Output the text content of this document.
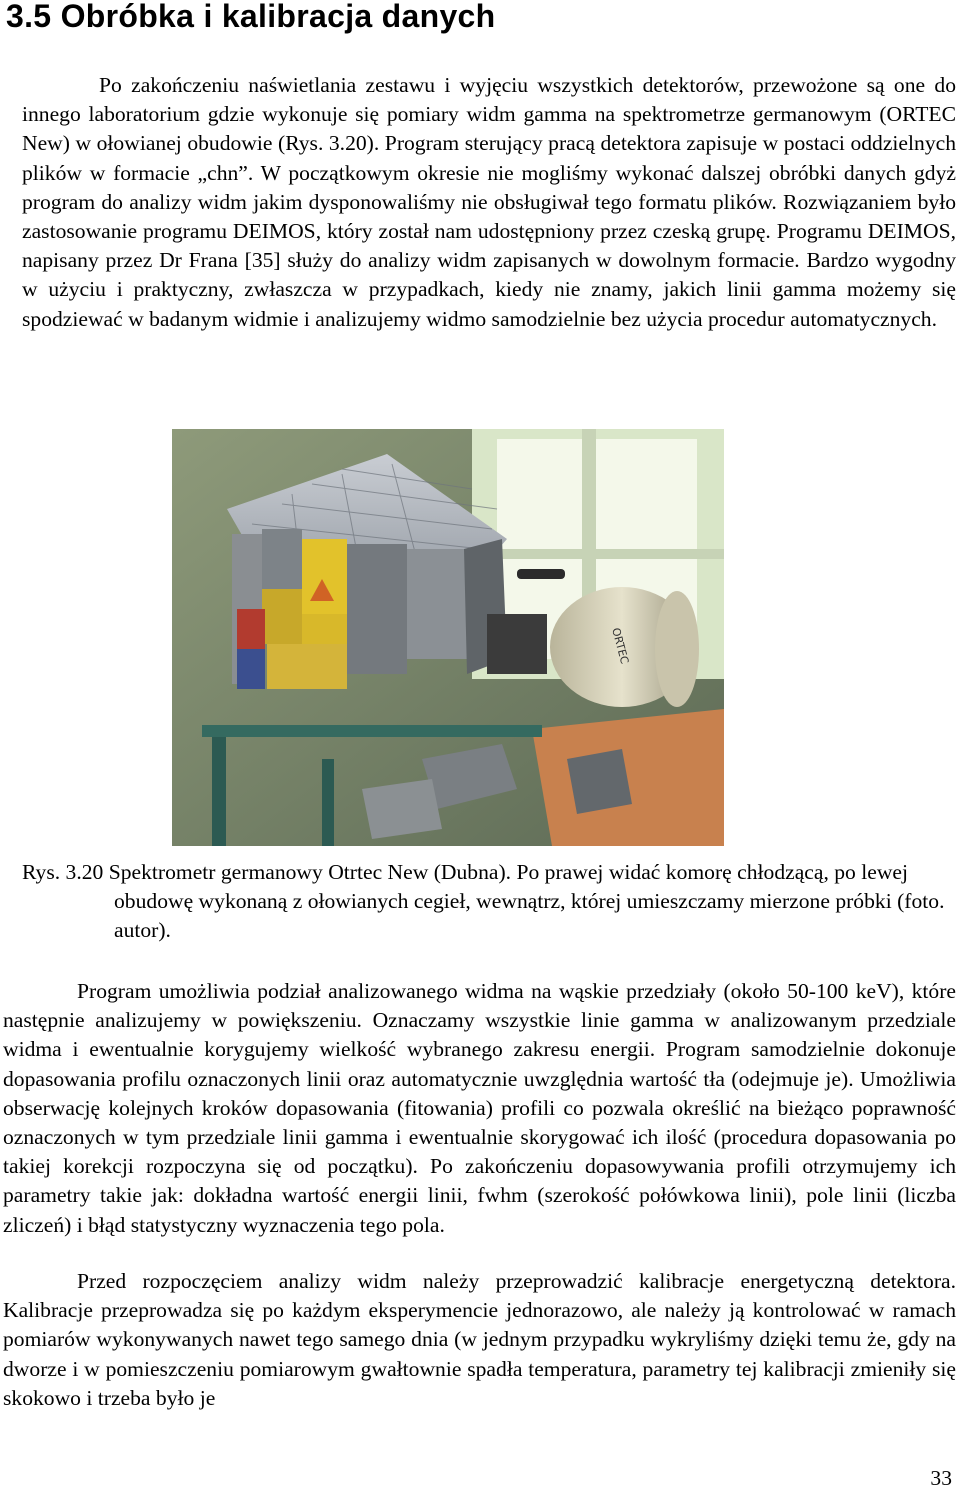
3.5 Obróbka i kalibracja danych

Po zakończeniu naświetlania zestawu i wyjęciu wszystkich detektorów, przewożone są one do innego laboratorium gdzie wykonuje się pomiary widm gamma na spektrometrze germanowym (ORTEC New) w ołowianej obudowie (Rys. 3.20). Program sterujący pracą detektora zapisuje w postaci oddzielnych plików w formacie „chn”. W początkowym okresie nie mogliśmy wykonać dalszej obróbki danych gdyż program do analizy widm jakim dysponowaliśmy nie obsługiwał tego formatu plików. Rozwiązaniem było zastosowanie programu DEIMOS, który został nam udostępniony przez czeską grupę. Programu DEIMOS, napisany przez Dr Frana [35] służy do analizy widm zapisanych w dowolnym formacie. Bardzo wygodny w użyciu i praktyczny, zwłaszcza w przypadkach, kiedy nie znamy, jakich linii gamma możemy się spodziewać w badanym widmie i analizujemy widmo samodzielnie bez użycia procedur automatycznych.

ORTEC

Rys. 3.20 Spektrometr germanowy Otrtec New (Dubna). Po prawej widać komorę chłodzącą, po lewej obudowę wykonaną z ołowianych cegieł, wewnątrz, której umieszczamy mierzone próbki (foto. autor).

Program umożliwia podział analizowanego widma na wąskie przedziały (około 50-100 keV), które następnie analizujemy w powiększeniu. Oznaczamy wszystkie linie gamma w analizowanym przedziale widma i ewentualnie korygujemy wielkość wybranego zakresu energii. Program samodzielnie dokonuje dopasowania profilu oznaczonych linii oraz automatycznie uwzględnia wartość tła (odejmuje je). Umożliwia obserwację kolejnych kroków dopasowania (fitowania) profili co pozwala określić na bieżąco poprawność oznaczonych w tym przedziale linii gamma i ewentualnie skorygować ich ilość (procedura dopasowania po takiej korekcji rozpoczyna się od początku). Po zakończeniu dopasowywania profili otrzymujemy ich parametry takie jak: dokładna wartość energii linii, fwhm (szerokość połówkowa linii), pole linii (liczba zliczeń) i błąd statystyczny wyznaczenia tego pola.

Przed rozpoczęciem analizy widm należy przeprowadzić kalibracje energetyczną detektora. Kalibracje przeprowadza się po każdym eksperymencie jednorazowo, ale należy ją kontrolować w ramach pomiarów wykonywanych nawet tego samego dnia (w jednym przypadku wykryliśmy dzięki temu że, gdy na dworze i w pomieszczeniu pomiarowym gwałtownie spadła temperatura, parametry tej kalibracji zmieniły się skokowo i trzeba było je

33
